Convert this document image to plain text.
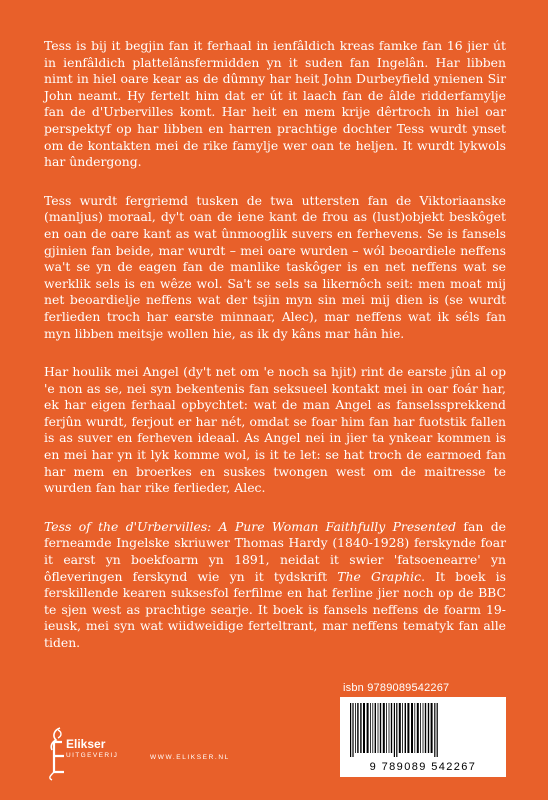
Tess is bij it begjin fan it ferhaal in ienfâldich kreas famke fan 16 jier út in ienfâldich plattelânsfermidden yn it suden fan Ingelân. Har libben nimt in hiel oare kear as de dûmny har heit John Durbeyfield ynienen Sir John neamt. Hy fertelt him dat er út it laach fan de âlde ridderfamylje fan de d'Urbervilles komt. Har heit en mem krije dêrtroch in hiel oar perspektyf op har libben en harren prachtige dochter Tess wurdt ynset om de kontakten mei de rike famylje wer oan te heljen. It wurdt lykwols har ûndergong.

Tess wurdt fergriemd tusken de twa uttersten fan de Viktoriaanske (manljus) moraal, dy't oan de iene kant de frou as (lust)objekt beskôget en oan de oare kant as wat ûnmooglik suvers en ferhevens. Se is fansels gjinien fan beide, mar wurdt – mei oare wurden – wól beoardiele neffens wa't se yn de eagen fan de manlike taskôger is en net neffens wat se werklik sels is en wêze wol. Sa't se sels sa likernôch seit: men moat mij net beoardielje neffens wat der tsjin myn sin mei mij dien is (se wurdt ferlieden troch har earste minnaar, Alec), mar neffens wat ik séls fan myn libben meitsje wollen hie, as ik dy kâns mar hân hie.

Har houlik mei Angel (dy't net om 'e noch sa hjit) rint de earste jûn al op 'e non as se, nei syn bekentenis fan seksueel kontakt mei in oar foár har, ek har eigen ferhaal opbychtet: wat de man Angel as fanselssprekkend ferjûn wurdt, ferjout er har nét, omdat se foar him fan har fuotstik fallen is as suver en ferheven ideaal. As Angel nei in jier ta ynkear kommen is en mei har yn it lyk komme wol, is it te let: se hat troch de earmoed fan har mem en broerkes en suskes twongen west om de maitresse te wurden fan har rike ferlieder, Alec.

Tess of the d'Urbervilles: A Pure Woman Faithfully Presented fan de ferneamde Ingelske skriuwer Thomas Hardy (1840-1928) ferskynde foar it earst yn boekfoarm yn 1891, neidat it swier 'fatsoenearre' yn ôfleveringen ferskynd wie yn it tydskrift The Graphic. It boek is ferskillende kearen suksesfol ferfilme en hat ferline jier noch op de BBC te sjen west as prachtige searje. It boek is fansels neffens de foarm 19-ieusk, mei syn wat wiidweidige ferteltrant, mar neffens tematyk fan alle tiden.

isbn 9789089542267
9 789089 542267
Elikser
UITGEVERIJ	WWW.ELIKSER.NL
